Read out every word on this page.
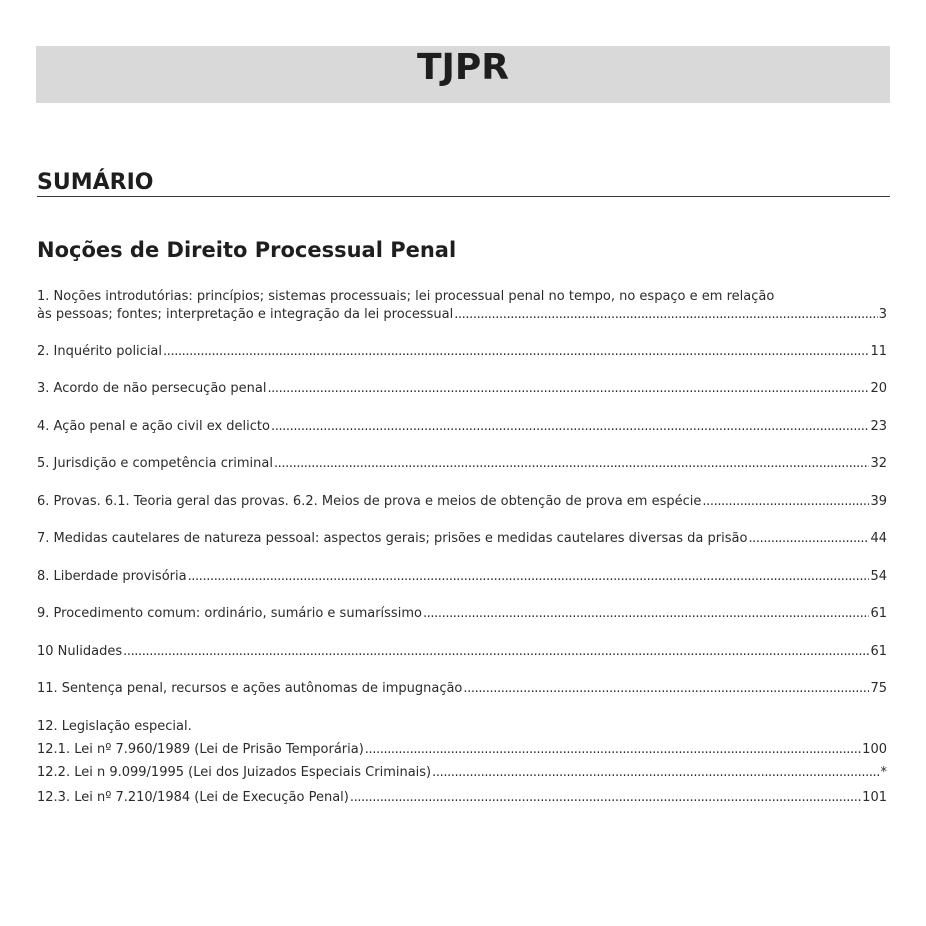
TJPR
SUMÁRIO
Noções de Direito Processual Penal
1. Noções introdutórias: princípios; sistemas processuais; lei processual penal no tempo, no espaço e em relação
às pessoas; fontes; interpretação e integração da lei processual .....	3
2. Inquérito policial .....	11
3. Acordo de não persecução penal .....	20
4. Ação penal e ação civil ex delicto .....	23
5. Jurisdição e competência criminal .....	32
6. Provas. 6.1. Teoria geral das provas. 6.2. Meios de prova e meios de obtenção de prova em espécie .....	39
7. Medidas cautelares de natureza pessoal: aspectos gerais; prisões e medidas cautelares diversas da prisão .....	44
8. Liberdade provisória .....	54
9. Procedimento comum: ordinário, sumário e sumaríssimo .....	61
10 Nulidades .....	61
11. Sentença penal, recursos e ações autônomas de impugnação .....	75
12. Legislação especial.
12.1. Lei nº 7.960/1989 (Lei de Prisão Temporária) .....	100
12.2. Lei n 9.099/1995 (Lei dos Juizados Especiais Criminais) .....	*
12.3. Lei nº 7.210/1984 (Lei de Execução Penal) .....	101
